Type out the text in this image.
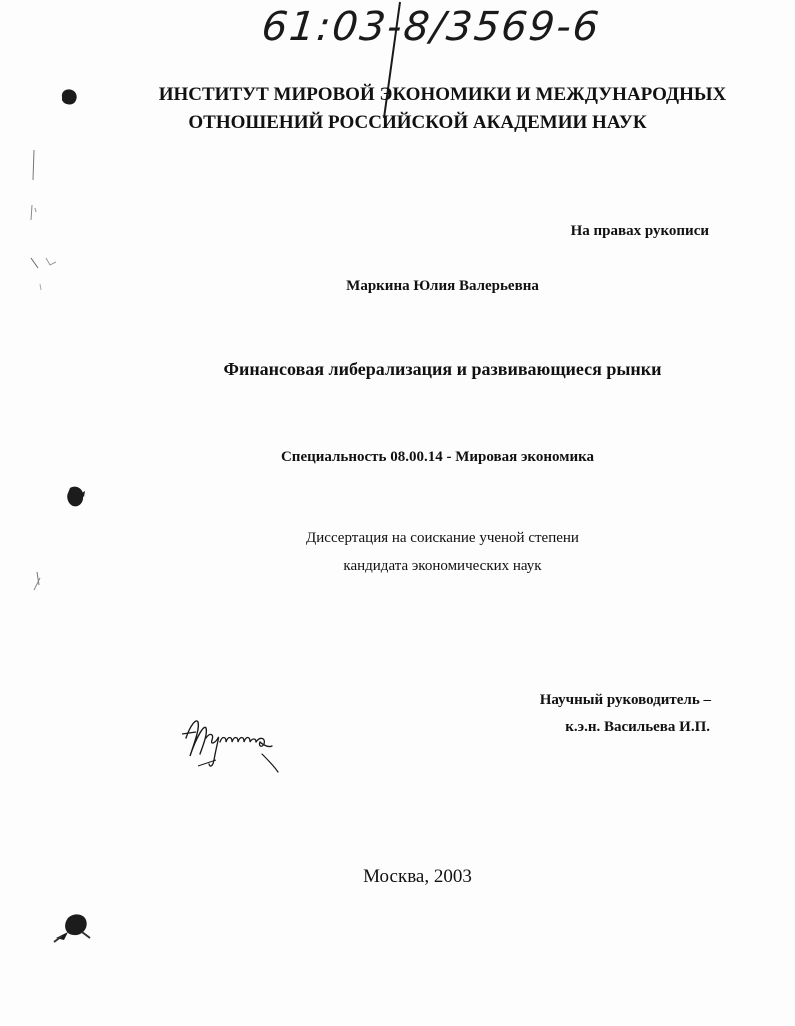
61:03-8/3569-6
ИНСТИТУТ МИРОВОЙ ЭКОНОМИКИ И МЕЖДУНАРОДНЫХ
ОТНОШЕНИЙ РОССИЙСКОЙ АКАДЕМИИ НАУК
На правах рукописи
Маркина Юлия Валерьевна
Финансовая либерализация и развивающиеся рынки
Специальность 08.00.14 - Мировая экономика
Диссертация на соискание ученой степени
кандидата экономических наук
Научный руководитель –
к.э.н. Васильева И.П.
Москва, 2003
